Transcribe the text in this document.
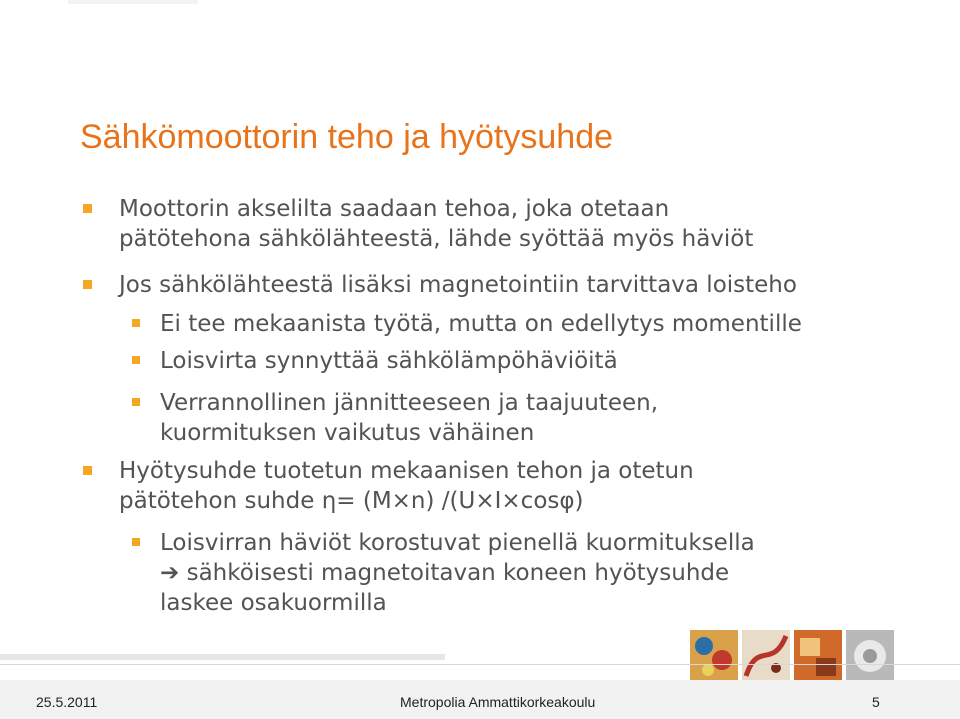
Sähkömoottorin teho ja hyötysuhde
Moottorin akselilta saadaan tehoa, joka otetaan
pätötehona sähkölähteestä, lähde syöttää myös häviöt
Jos sähkölähteestä lisäksi magnetointiin tarvittava loisteho
Ei tee mekaanista työtä, mutta on edellytys momentille
Loisvirta synnyttää sähkölämpöhäviöitä
Verrannollinen jännitteeseen ja taajuuteen,
kuormituksen vaikutus vähäinen
Hyötysuhde tuotetun mekaanisen tehon ja otetun
pätötehon suhde η= (M×n) /(U×I×cosφ)
Loisvirran häviöt korostuvat pienellä kuormituksella
➔ sähköisesti magnetoitavan koneen hyötysuhde
laskee osakuormilla
25.5.2011	Metropolia Ammattikorkeakoulu	5
